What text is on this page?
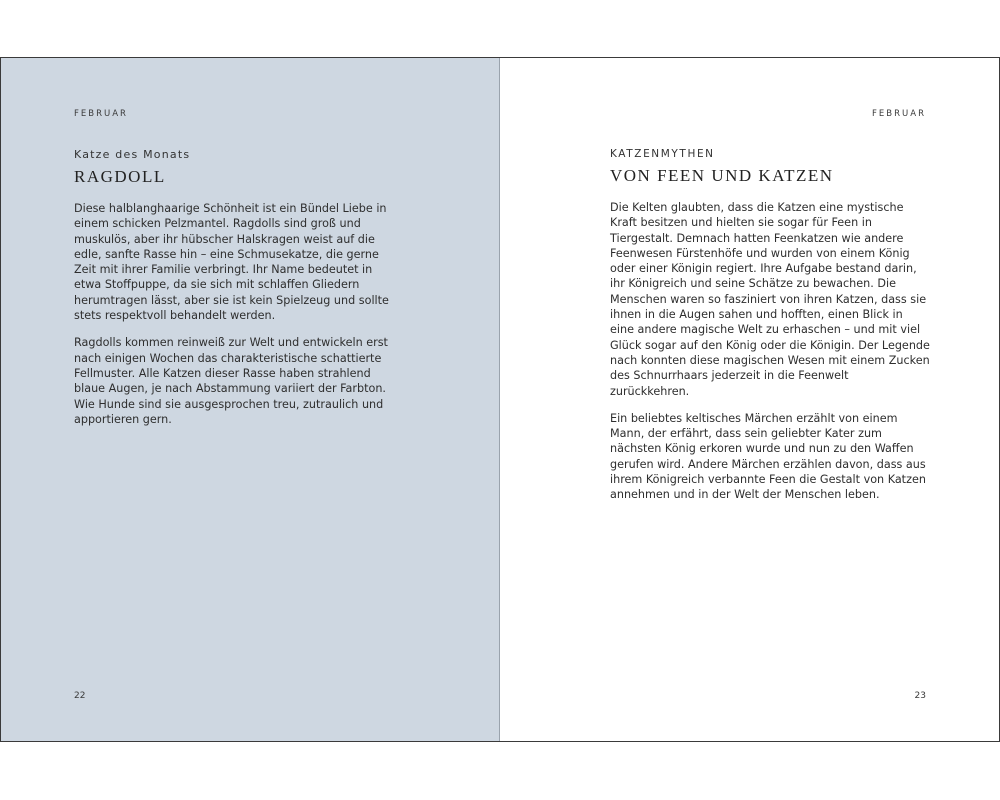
FEBRUAR
Katze des Monats
RAGDOLL

Diese halblanghaarige Schönheit ist ein Bündel Liebe in einem schicken Pelzmantel. Ragdolls sind groß und muskulös, aber ihr hübscher Halskragen weist auf die edle, sanfte Rasse hin – eine Schmusekatze, die gerne Zeit mit ihrer Familie verbringt. Ihr Name bedeutet in etwa Stoffpuppe, da sie sich mit schlaffen Gliedern herumtragen lässt, aber sie ist kein Spielzeug und sollte stets respektvoll behandelt werden.

Ragdolls kommen reinweiß zur Welt und entwickeln erst nach einigen Wochen das charakteristische schattierte Fellmuster. Alle Katzen dieser Rasse haben strahlend blaue Augen, je nach Abstammung variiert der Farbton. Wie Hunde sind sie ausgesprochen treu, zutraulich und apportieren gern.

22
FEBRUAR
KATZENMYTHEN
VON FEEN UND KATZEN

Die Kelten glaubten, dass die Katzen eine mystische Kraft besitzen und hielten sie sogar für Feen in Tiergestalt. Demnach hatten Feenkatzen wie andere Feenwesen Fürstenhöfe und wurden von einem König oder einer Königin regiert. Ihre Aufgabe bestand darin, ihr Königreich und seine Schätze zu bewachen. Die Menschen waren so fasziniert von ihren Katzen, dass sie ihnen in die Augen sahen und hofften, einen Blick in eine andere magische Welt zu erhaschen – und mit viel Glück sogar auf den König oder die Königin. Der Legende nach konnten diese magischen Wesen mit einem Zucken des Schnurrhaars jederzeit in die Feenwelt zurückkehren.

Ein beliebtes keltisches Märchen erzählt von einem Mann, der erfährt, dass sein geliebter Kater zum nächsten König erkoren wurde und nun zu den Waffen gerufen wird. Andere Märchen erzählen davon, dass aus ihrem Königreich verbannte Feen die Gestalt von Katzen annehmen und in der Welt der Menschen leben.

23
